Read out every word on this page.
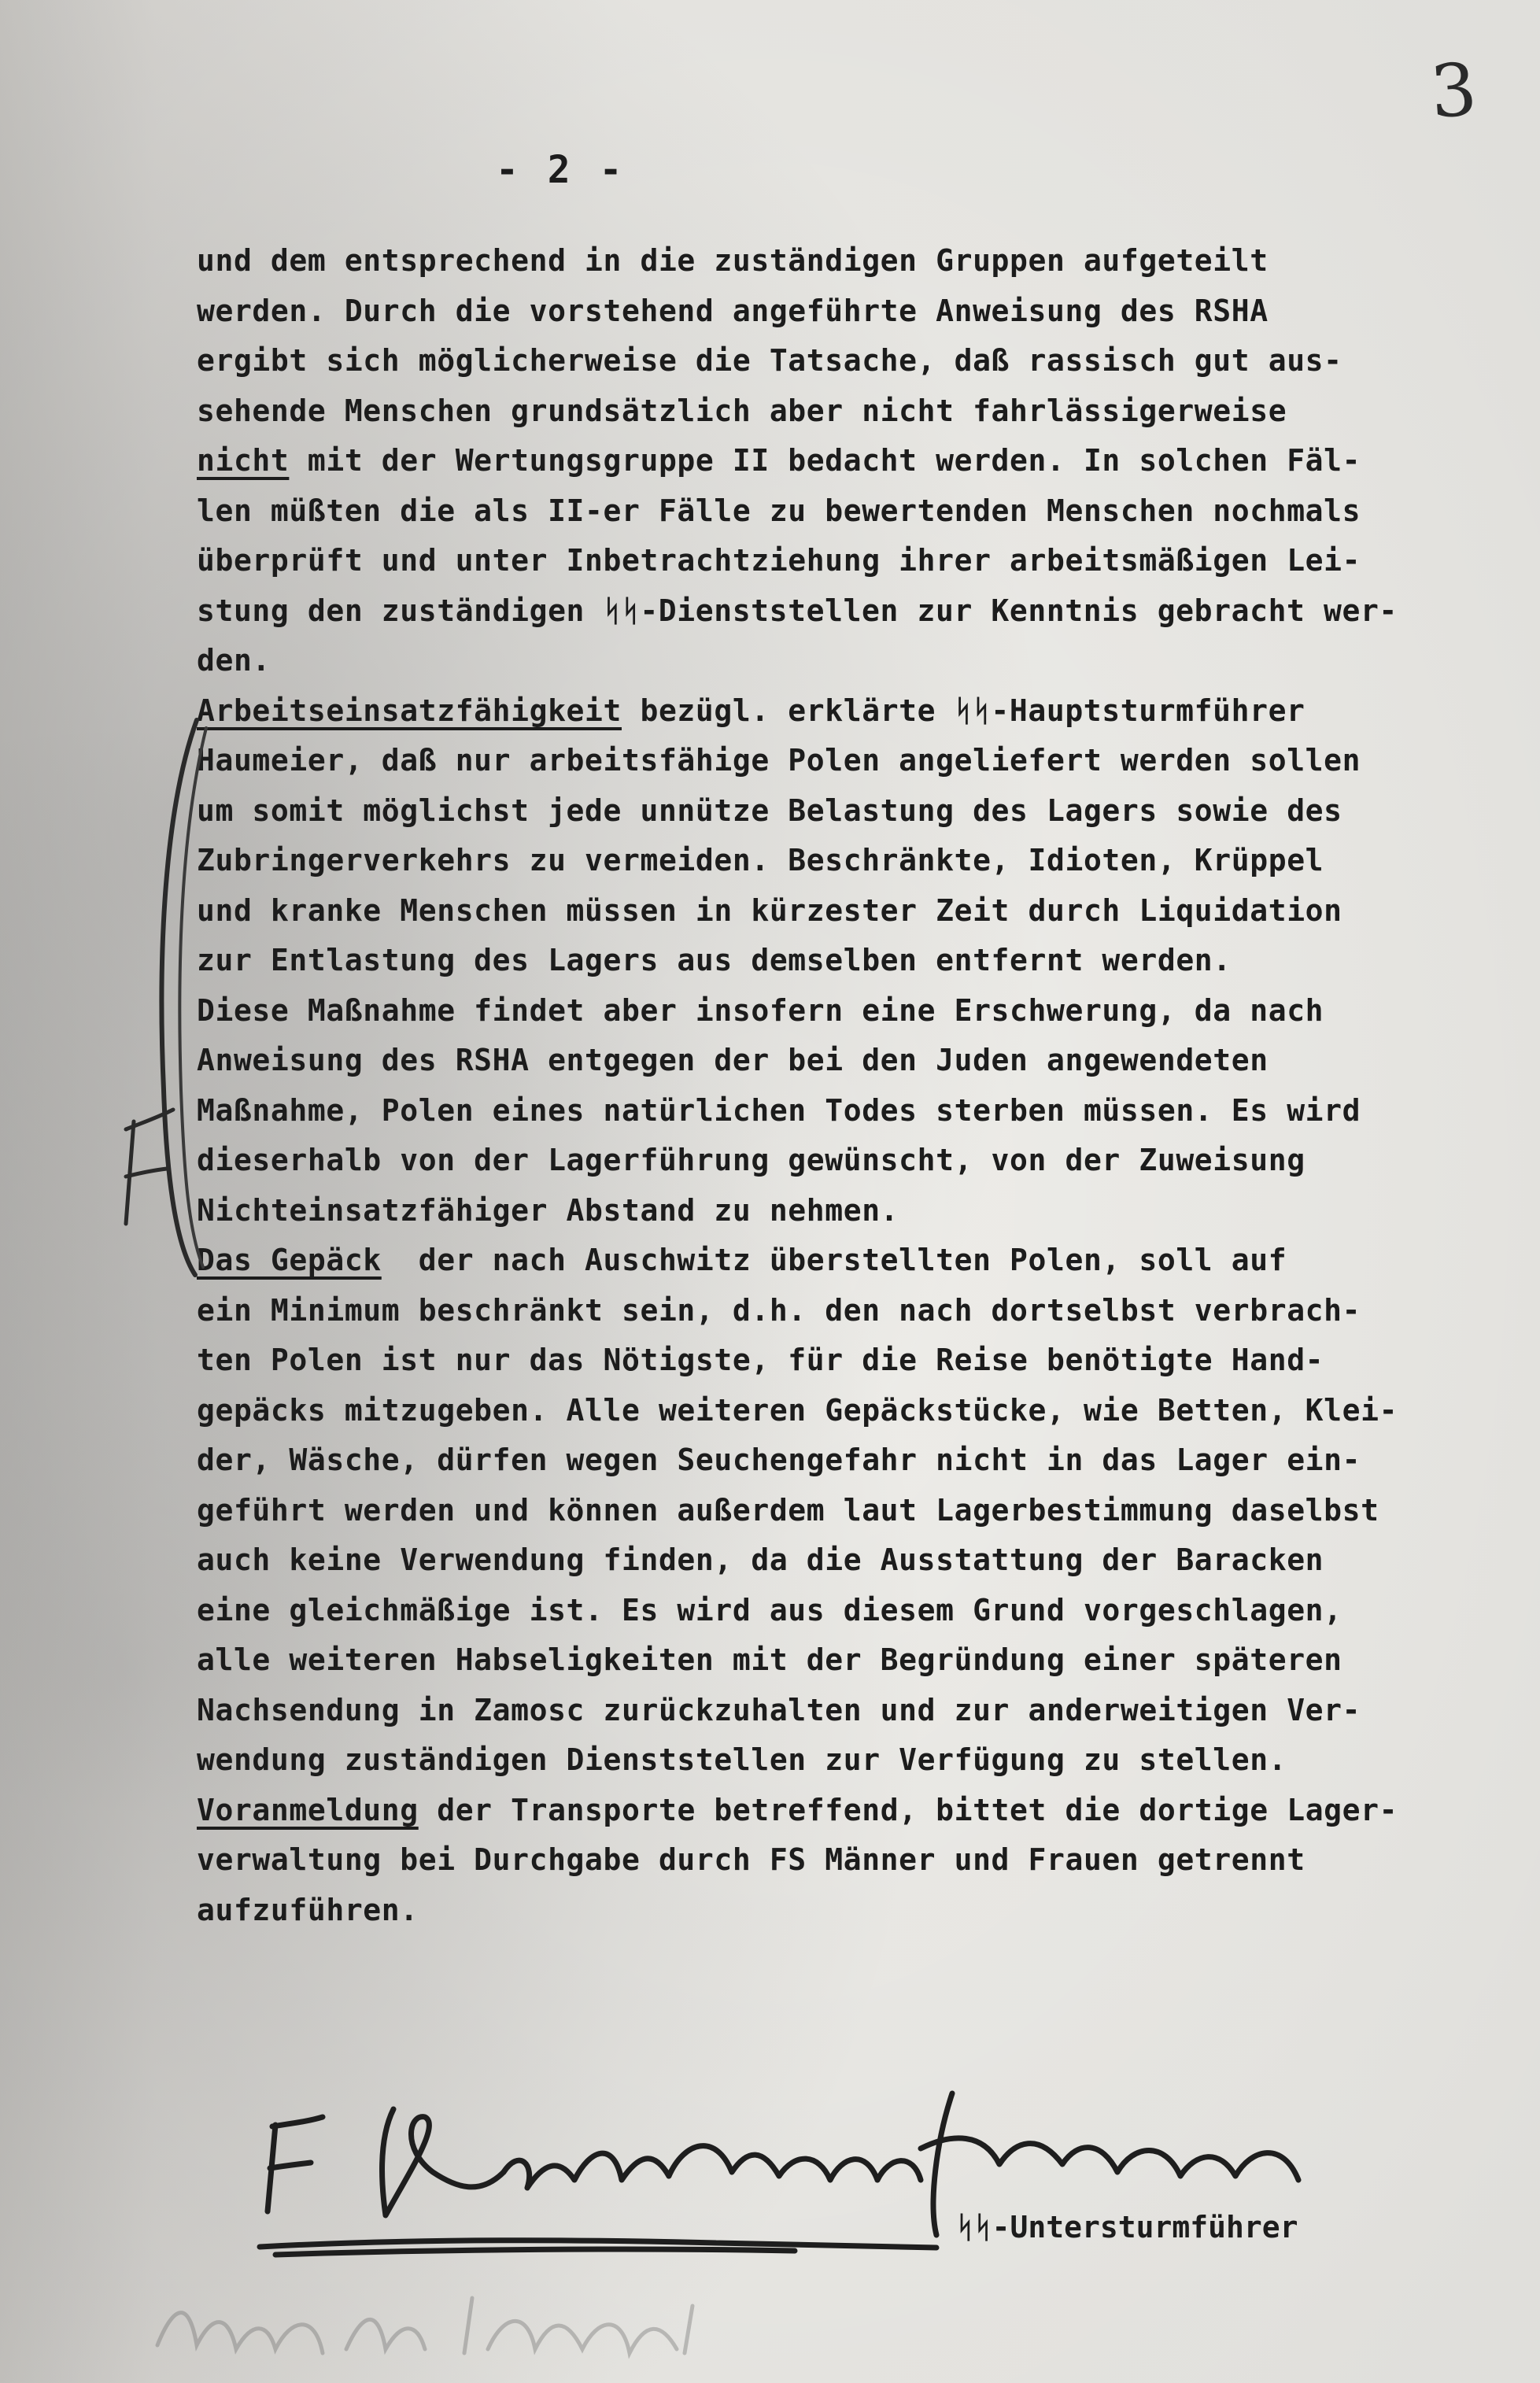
3
- 2 -
und dem entsprechend in die zuständigen Gruppen aufgeteilt
werden. Durch die vorstehend angeführte Anweisung des RSHA
ergibt sich möglicherweise die Tatsache, daß rassisch gut aus-
sehende Menschen grundsätzlich aber nicht fahrlässigerweise
nicht mit der Wertungsgruppe II bedacht werden. In solchen Fäl-
len müßten die als II-er Fälle zu bewertenden Menschen nochmals
überprüft und unter Inbetrachtziehung ihrer arbeitsmäßigen Lei-
stung den zuständigen ᛋᛋ-Dienststellen zur Kenntnis gebracht wer-
den.
Arbeitseinsatzfähigkeit bezügl. erklärte ᛋᛋ-Hauptsturmführer
Haumeier, daß nur arbeitsfähige Polen angeliefert werden sollen
um somit möglichst jede unnütze Belastung des Lagers sowie des
Zubringerverkehrs zu vermeiden. Beschränkte, Idioten, Krüppel
und kranke Menschen müssen in kürzester Zeit durch Liquidation
zur Entlastung des Lagers aus demselben entfernt werden.
Diese Maßnahme findet aber insofern eine Erschwerung, da nach
Anweisung des RSHA entgegen der bei den Juden angewendeten
Maßnahme, Polen eines natürlichen Todes sterben müssen. Es wird
dieserhalb von der Lagerführung gewünscht, von der Zuweisung
Nichteinsatzfähiger Abstand zu nehmen.
Das Gepäck  der nach Auschwitz überstellten Polen, soll auf
ein Minimum beschränkt sein, d.h. den nach dortselbst verbrach-
ten Polen ist nur das Nötigste, für die Reise benötigte Hand-
gepäcks mitzugeben. Alle weiteren Gepäckstücke, wie Betten, Klei-
der, Wäsche, dürfen wegen Seuchengefahr nicht in das Lager ein-
geführt werden und können außerdem laut Lagerbestimmung daselbst
auch keine Verwendung finden, da die Ausstattung der Baracken
eine gleichmäßige ist. Es wird aus diesem Grund vorgeschlagen,
alle weiteren Habseligkeiten mit der Begründung einer späteren
Nachsendung in Zamosc zurückzuhalten und zur anderweitigen Ver-
wendung zuständigen Dienststellen zur Verfügung zu stellen.
Voranmeldung der Transporte betreffend, bittet die dortige Lager-
verwaltung bei Durchgabe durch FS Männer und Frauen getrennt
aufzuführen.
ᛋᛋ-Untersturmführer
